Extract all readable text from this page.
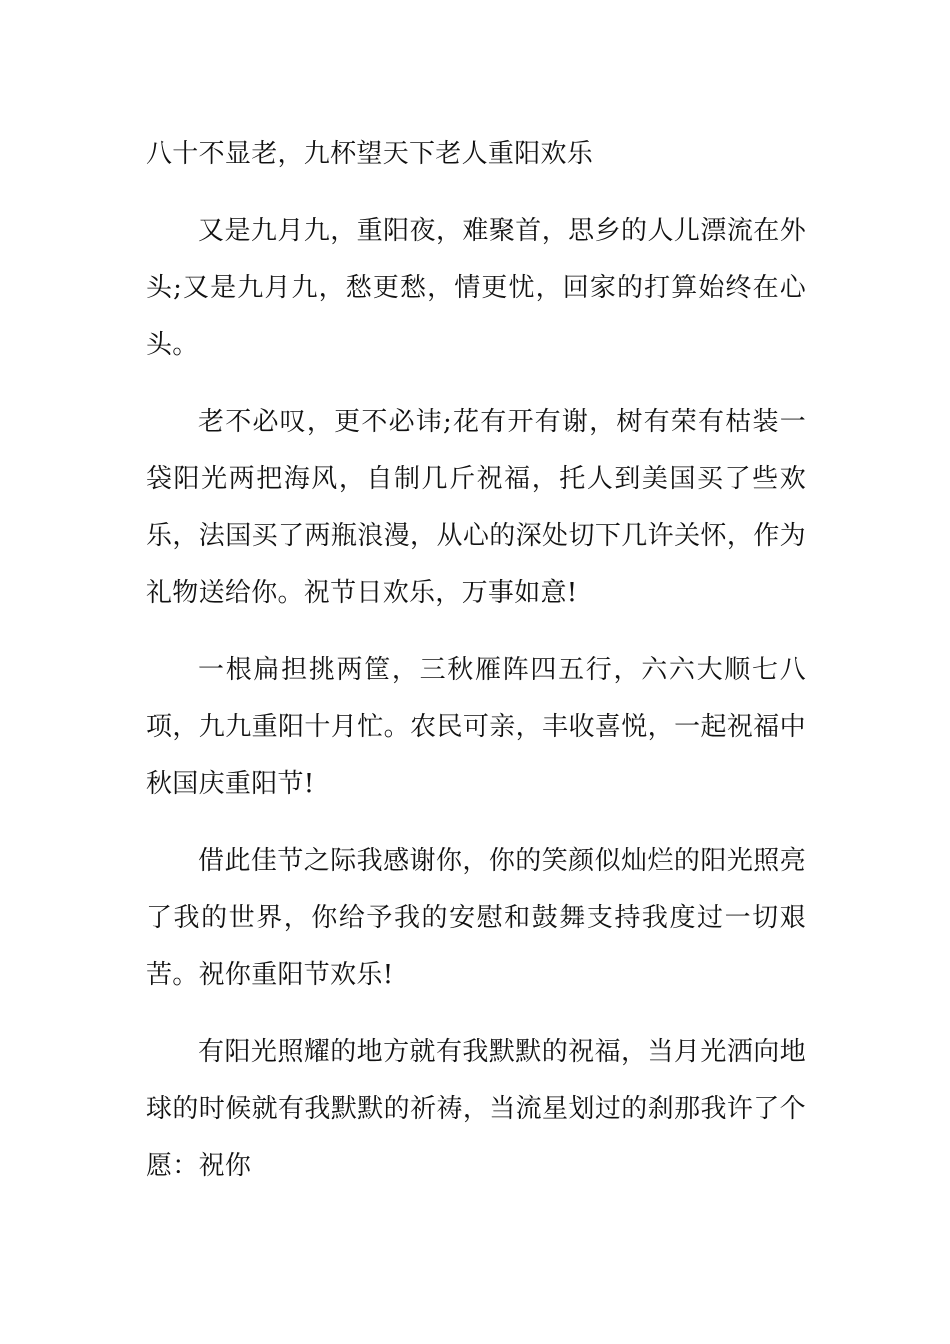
八十不显老，九杯望天下老人重阳欢乐

又是九月九，重阳夜，难聚首，思乡的人儿漂流在外头;又是九月九，愁更愁，情更忧，回家的打算始终在心头。

老不必叹，更不必讳;花有开有谢，树有荣有枯装一袋阳光两把海风，自制几斤祝福，托人到美国买了些欢乐，法国买了两瓶浪漫，从心的深处切下几许关怀，作为礼物送给你。祝节日欢乐，万事如意!

一根扁担挑两筐，三秋雁阵四五行，六六大顺七八项，九九重阳十月忙。农民可亲，丰收喜悦，一起祝福中秋国庆重阳节!

借此佳节之际我感谢你，你的笑颜似灿烂的阳光照亮了我的世界，你给予我的安慰和鼓舞支持我度过一切艰苦。祝你重阳节欢乐!

有阳光照耀的地方就有我默默的祝福，当月光洒向地球的时候就有我默默的祈祷，当流星划过的刹那我许了个愿：祝你
